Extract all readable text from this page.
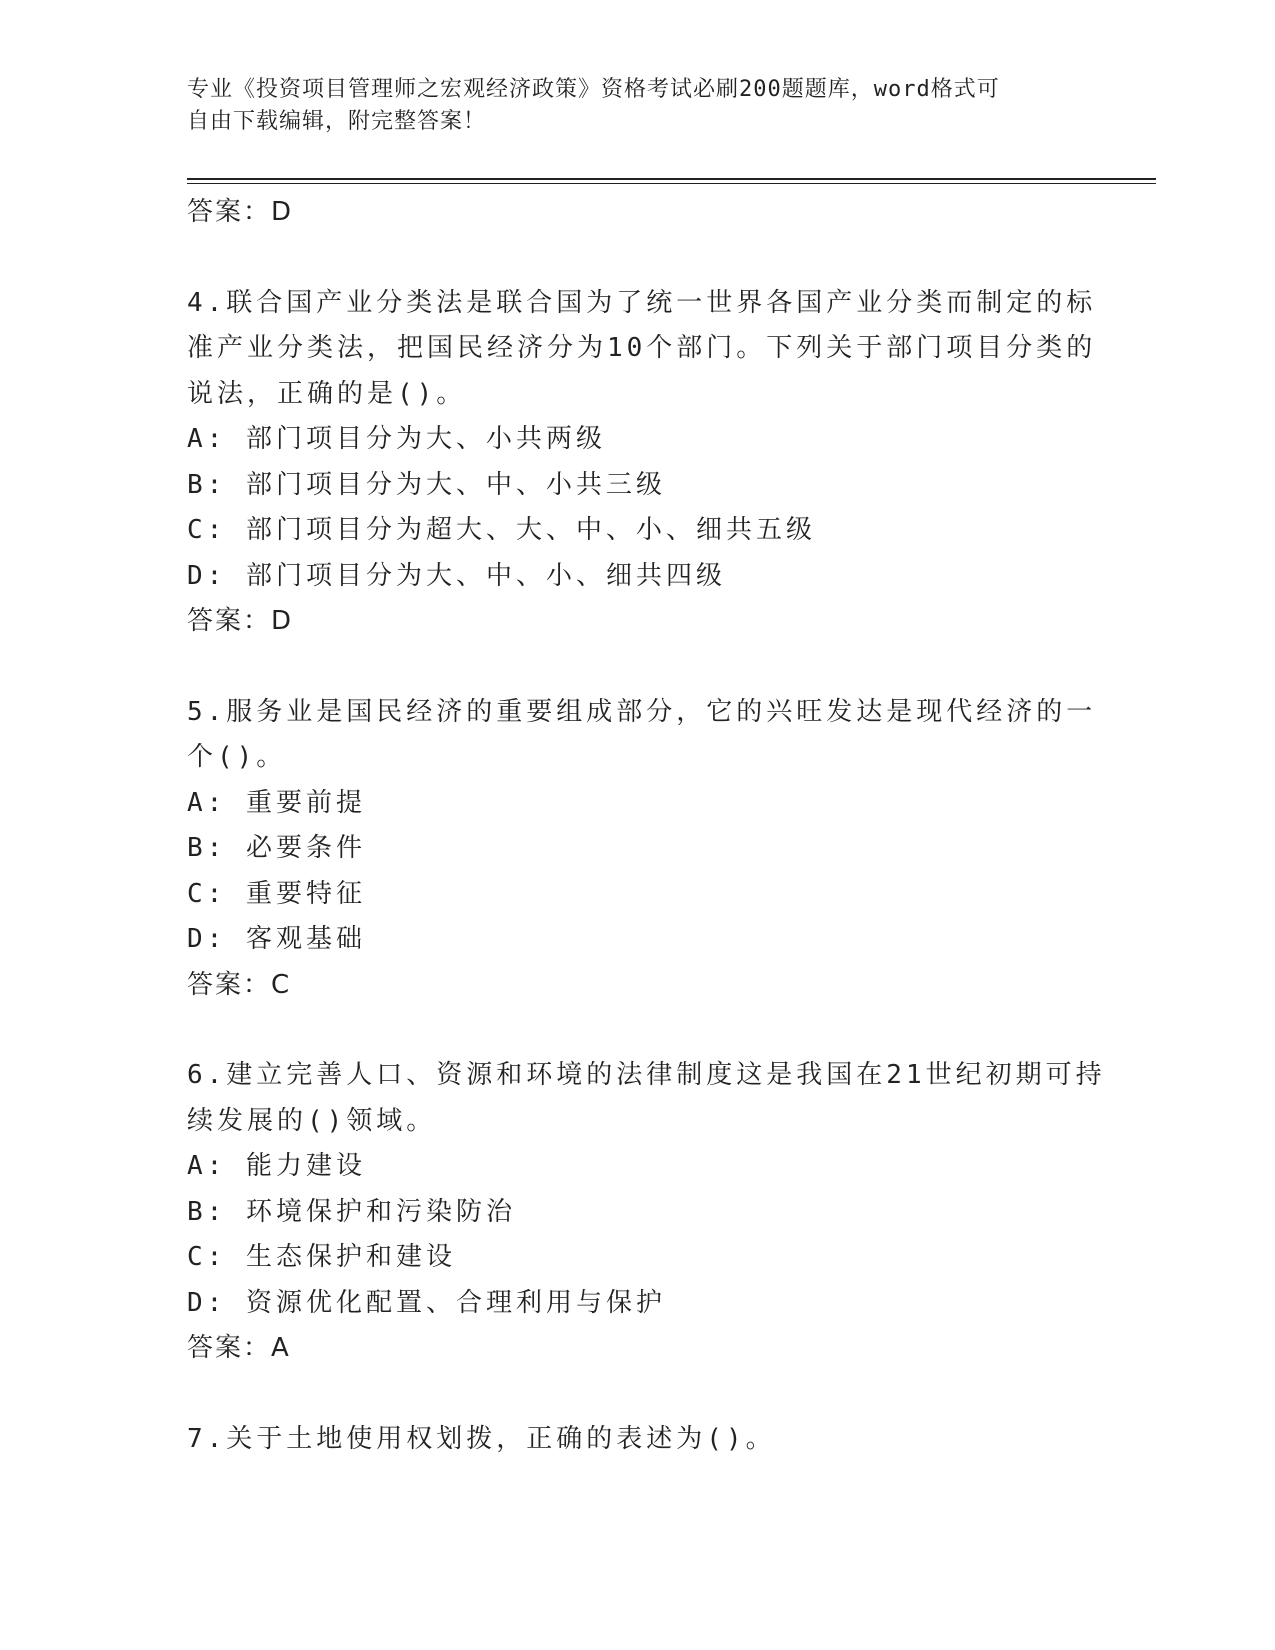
专业《投资项目管理师之宏观经济政策》资格考试必刷200题题库，word格式可
自由下载编辑，附完整答案！
答案：D
4.联合国产业分类法是联合国为了统一世界各国产业分类而制定的标
准产业分类法，把国民经济分为10个部门。下列关于部门项目分类的
说法，正确的是()。
A: 部门项目分为大、小共两级
B: 部门项目分为大、中、小共三级
C: 部门项目分为超大、大、中、小、细共五级
D: 部门项目分为大、中、小、细共四级
答案：D
5.服务业是国民经济的重要组成部分，它的兴旺发达是现代经济的一
个()。
A: 重要前提
B: 必要条件
C: 重要特征
D: 客观基础
答案：C
6.建立完善人口、资源和环境的法律制度这是我国在21世纪初期可持
续发展的()领域。
A: 能力建设
B: 环境保护和污染防治
C: 生态保护和建设
D: 资源优化配置、合理利用与保护
答案：A
7.关于土地使用权划拨，正确的表述为()。
